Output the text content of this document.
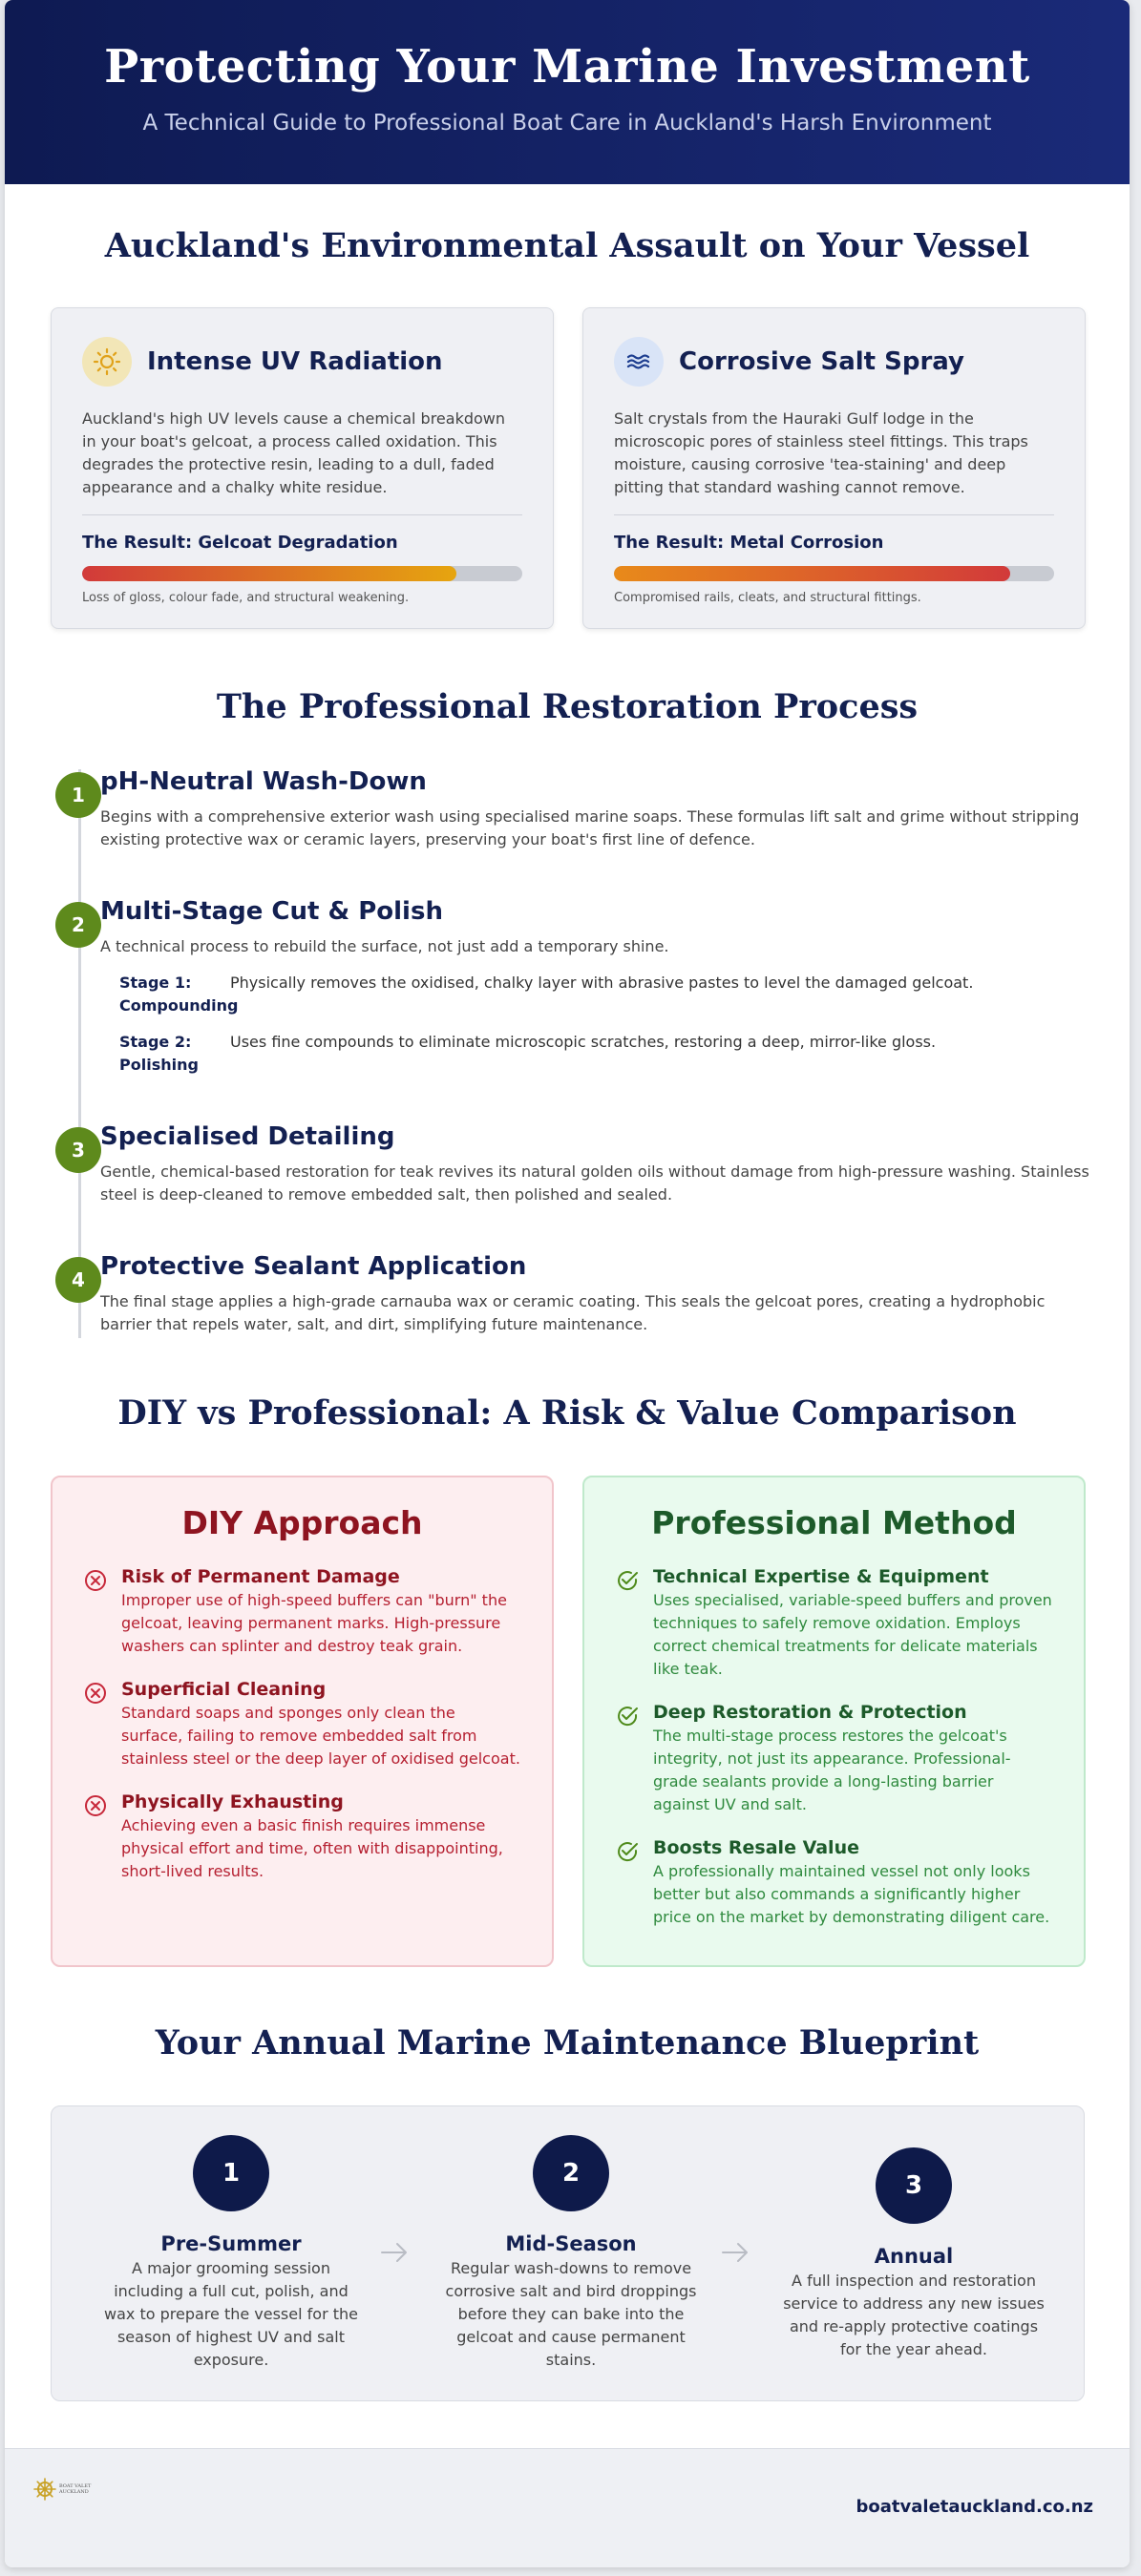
Protecting Your Marine Investment

A Technical Guide to Professional Boat Care in Auckland's Harsh Environment

Auckland's Environmental Assault on Your Vessel
Intense UV Radiation
Auckland's high UV levels cause a chemical breakdown in your boat's gelcoat, a process called oxidation. This degrades the protective resin, leading to a dull, faded appearance and a chalky white residue.
The Result: Gelcoat Degradation
Loss of gloss, colour fade, and structural weakening.
Corrosive Salt Spray
Salt crystals from the Hauraki Gulf lodge in the microscopic pores of stainless steel fittings. This traps moisture, causing corrosive 'tea-staining' and deep pitting that standard washing cannot remove.
The Result: Metal Corrosion
Compromised rails, cleats, and structural fittings.
The Professional Restoration Process
1 pH-Neutral Wash-Down
Begins with a comprehensive exterior wash using specialised marine soaps. These formulas lift salt and grime without stripping existing protective wax or ceramic layers, preserving your boat's first line of defence.
2 Multi-Stage Cut & Polish
A technical process to rebuild the surface, not just add a temporary shine.
Stage 1: Compounding
Physically removes the oxidised, chalky layer with abrasive pastes to level the damaged gelcoat.
Stage 2: Polishing
Uses fine compounds to eliminate microscopic scratches, restoring a deep, mirror-like gloss.
3 Specialised Detailing
Gentle, chemical-based restoration for teak revives its natural golden oils without damage from high-pressure washing. Stainless steel is deep-cleaned to remove embedded salt, then polished and sealed.
4 Protective Sealant Application
The final stage applies a high-grade carnauba wax or ceramic coating. This seals the gelcoat pores, creating a hydrophobic barrier that repels water, salt, and dirt, simplifying future maintenance.
DIY vs Professional: A Risk & Value Comparison
DIY Approach
Risk of Permanent Damage
Improper use of high-speed buffers can "burn" the gelcoat, leaving permanent marks. High-pressure washers can splinter and destroy teak grain.
Superficial Cleaning
Standard soaps and sponges only clean the surface, failing to remove embedded salt from stainless steel or the deep layer of oxidised gelcoat.
Physically Exhausting
Achieving even a basic finish requires immense physical effort and time, often with disappointing, short-lived results.
Professional Method
Technical Expertise & Equipment
Uses specialised, variable-speed buffers and proven techniques to safely remove oxidation. Employs correct chemical treatments for delicate materials like teak.
Deep Restoration & Protection
The multi-stage process restores the gelcoat's integrity, not just its appearance. Professional-grade sealants provide a long-lasting barrier against UV and salt.
Boosts Resale Value
A professionally maintained vessel not only looks better but also commands a significantly higher price on the market by demonstrating diligent care.
Your Annual Marine Maintenance Blueprint
1
Pre-Summer
A major grooming session including a full cut, polish, and wax to prepare the vessel for the season of highest UV and salt exposure.
2
Mid-Season
Regular wash-downs to remove corrosive salt and bird droppings before they can bake into the gelcoat and cause permanent stains.
3
Annual
A full inspection and restoration service to address any new issues and re-apply protective coatings for the year ahead.
BOAT VALET
AUCKLAND
boatvaletauckland.co.nz
